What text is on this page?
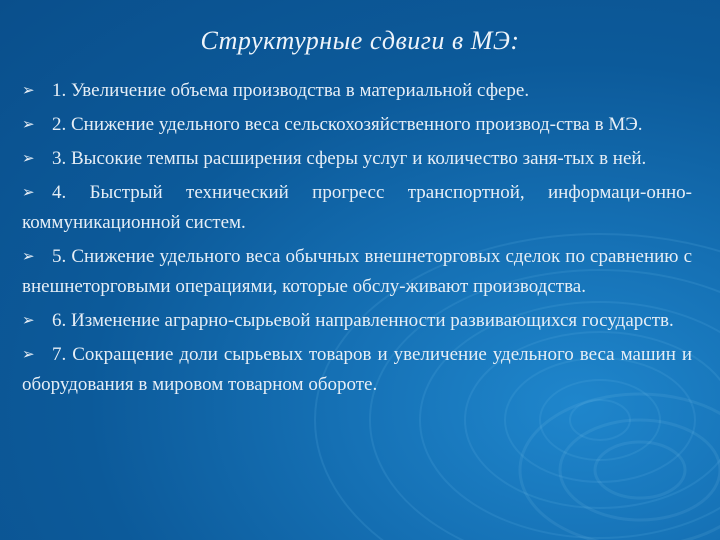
Структурные сдвиги в МЭ:
➢ 1. Увеличение объема производства в материальной сфере.
➢ 2. Снижение удельного веса сельскохозяйственного производ-ства в МЭ.
➢ 3. Высокие темпы расширения сферы услуг и количество заня-тых в ней.
➢ 4. Быстрый технический прогресс транспортной, информаци-онно-коммуникационной систем.
➢ 5. Снижение удельного веса обычных внешнеторговых сделок по сравнению с внешнеторговыми операциями, которые обслу-живают производства.
➢ 6. Изменение аграрно-сырьевой направленности развивающихся государств.
➢ 7. Сокращение доли сырьевых товаров и увеличение удельного веса машин и оборудования в мировом товарном обороте.
